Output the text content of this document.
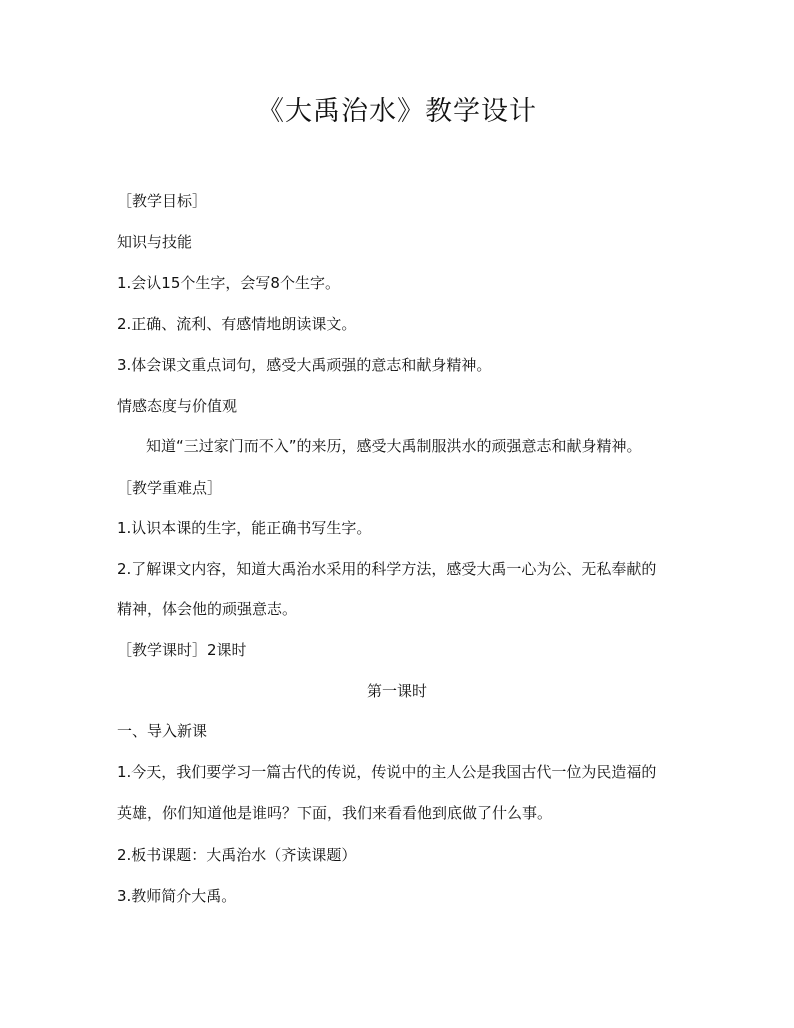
《大禹治水》教学设计
［教学目标］
知识与技能
1.会认15个生字，会写8个生字。
2.正确、流利、有感情地朗读课文。
3.体会课文重点词句，感受大禹顽强的意志和献身精神。
情感态度与价值观
知道“三过家门而不入”的来历，感受大禹制服洪水的顽强意志和献身精神。
［教学重难点］
1.认识本课的生字，能正确书写生字。
2.了解课文内容，知道大禹治水采用的科学方法，感受大禹一心为公、无私奉献的
精神，体会他的顽强意志。
［教学课时］2课时
第一课时
一、导入新课
1.今天，我们要学习一篇古代的传说，传说中的主人公是我国古代一位为民造福的
英雄，你们知道他是谁吗？下面，我们来看看他到底做了什么事。
2.板书课题：大禹治水（齐读课题）
3.教师简介大禹。
